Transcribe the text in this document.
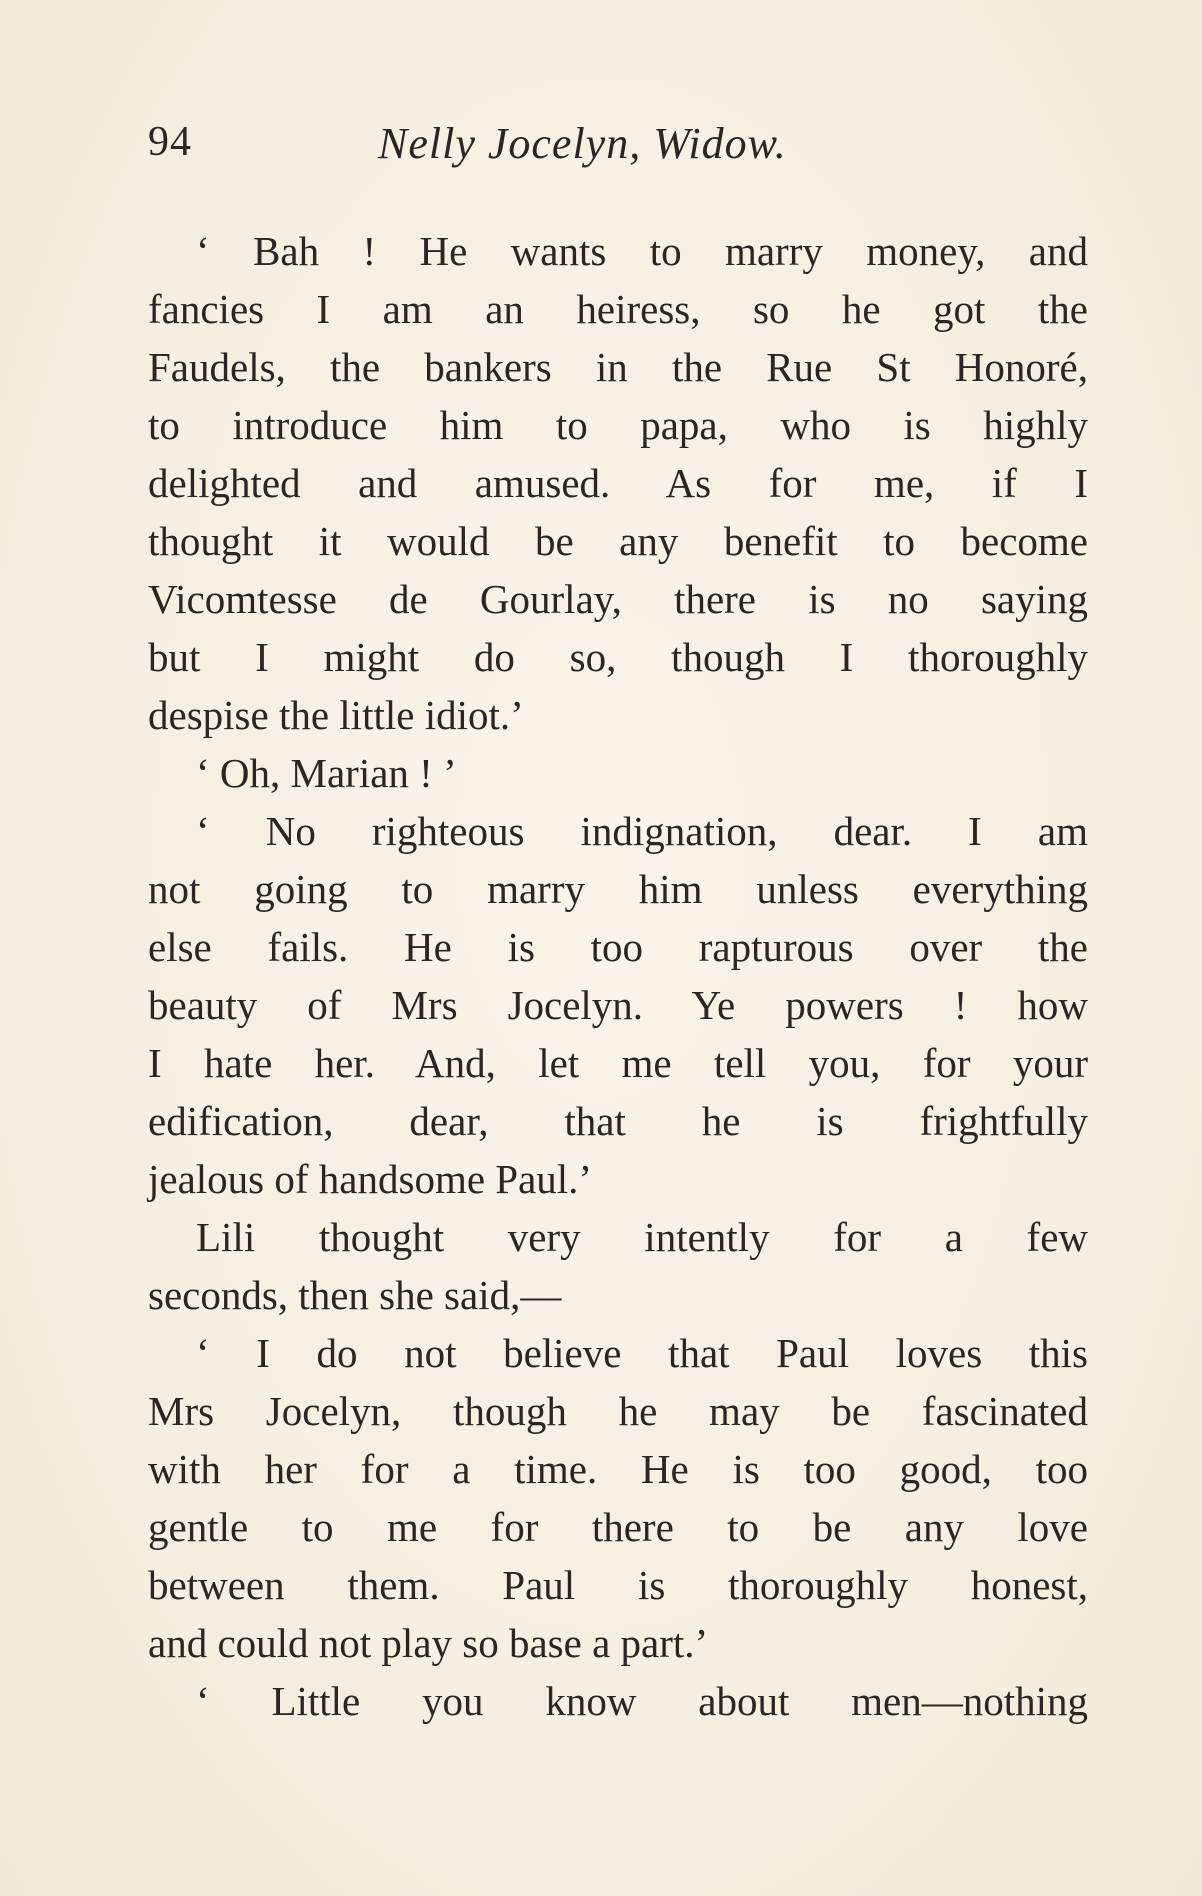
94	Nelly Jocelyn, Widow.
‘ Bah ! He wants to marry money, and
fancies I am an heiress, so he got the
Faudels, the bankers in the Rue St Honoré,
to introduce him to papa, who is highly
delighted and amused. As for me, if I
thought it would be any benefit to become
Vicomtesse de Gourlay, there is no saying
but I might do so, though I thoroughly
despise the little idiot.’
‘ Oh, Marian ! ’
‘ No righteous indignation, dear. I am
not going to marry him unless everything
else fails. He is too rapturous over the
beauty of Mrs Jocelyn. Ye powers ! how
I hate her. And, let me tell you, for your
edification, dear, that he is frightfully
jealous of handsome Paul.’
Lili thought very intently for a few
seconds, then she said,—
‘ I do not believe that Paul loves this
Mrs Jocelyn, though he may be fascinated
with her for a time. He is too good, too
gentle to me for there to be any love
between them. Paul is thoroughly honest,
and could not play so base a part.’
‘ Little you know about men—nothing
